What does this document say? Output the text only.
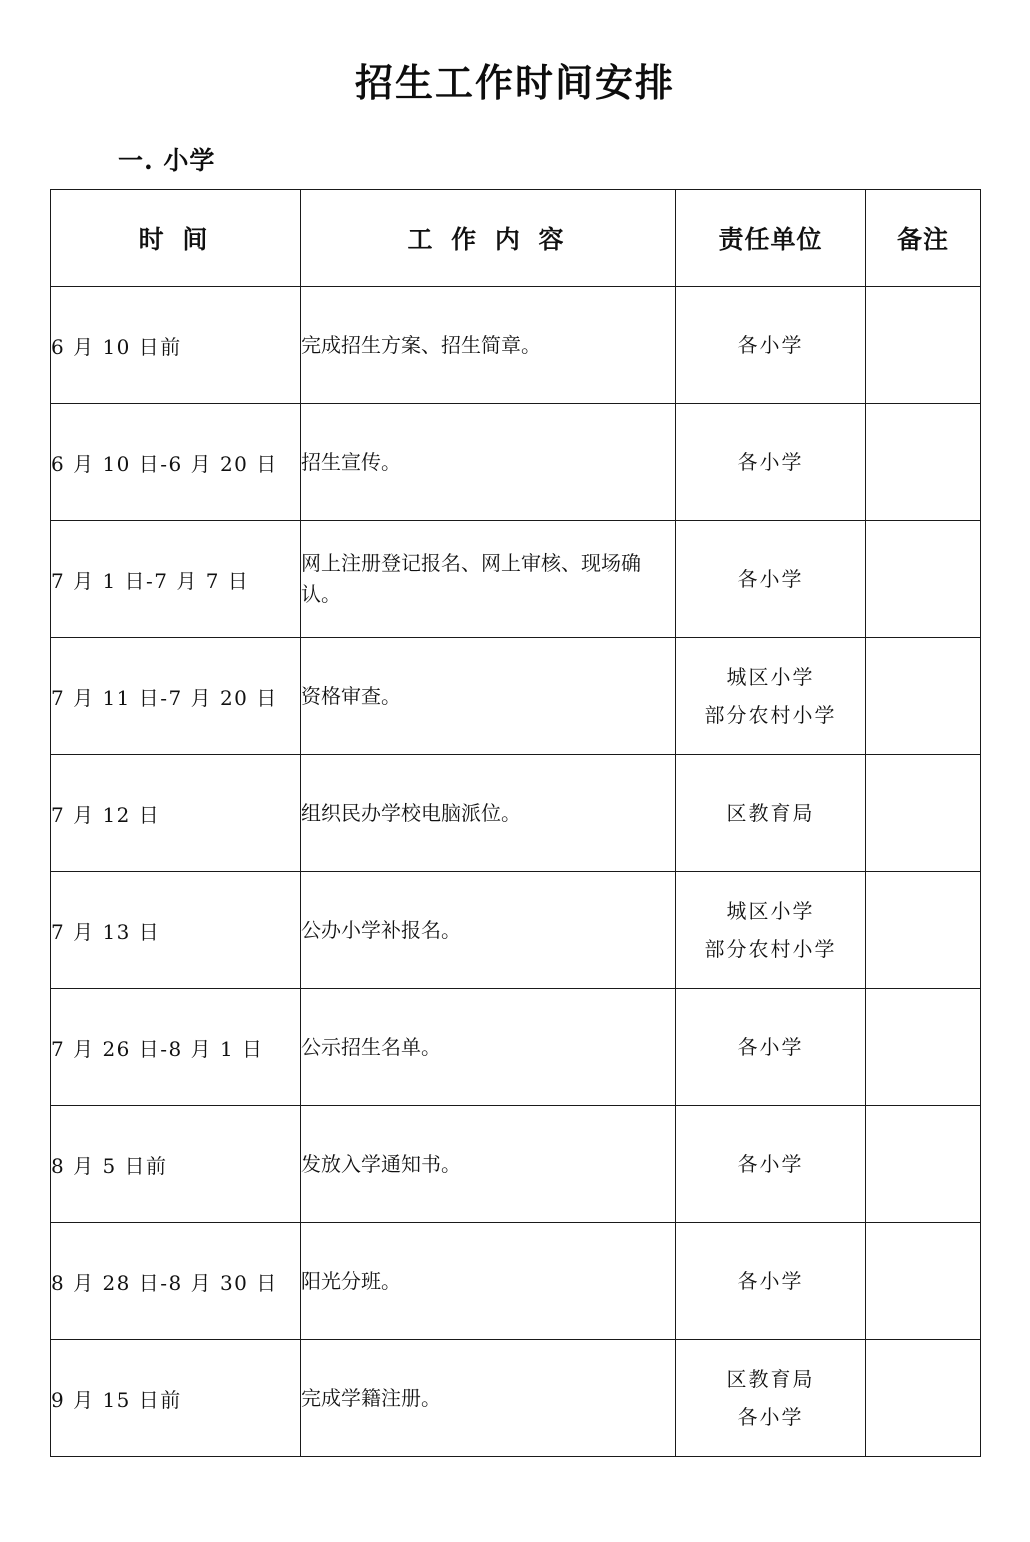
招生工作时间安排
一. 小学
时 间	工 作 内 容	责任单位	备注
6 月 10 日前	完成招生方案、招生简章。	各小学	

6 月 10 日-6 月 20 日	招生宣传。	各小学	

7 月 1 日-7 月 7 日	网上注册登记报名、网上审核、现场确认。	各小学	

7 月 11 日-7 月 20 日	资格审查。	城区小学
部分农村小学	

7 月 12 日	组织民办学校电脑派位。	区教育局	

7 月 13 日	公办小学补报名。	城区小学
部分农村小学	

7 月 26 日-8 月 1 日	公示招生名单。	各小学	

8 月 5 日前	发放入学通知书。	各小学	

8 月 28 日-8 月 30 日	阳光分班。	各小学	

9 月 15 日前	完成学籍注册。	区教育局
各小学	
